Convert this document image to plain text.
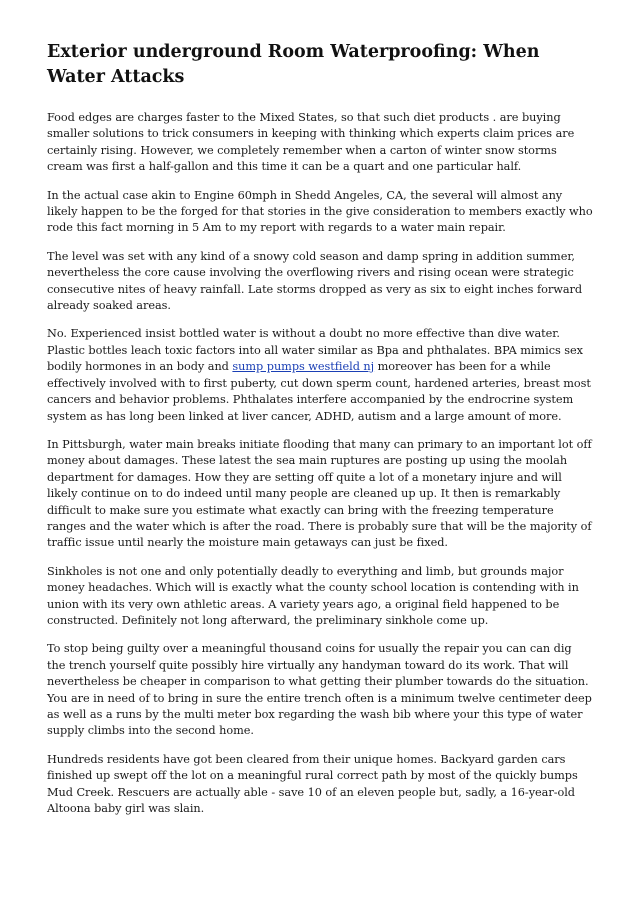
Exterior underground Room Waterproofing: When Water Attacks

Food edges are charges faster to the Mixed States, so that such diet products . are buying smaller solutions to trick consumers in keeping with thinking which experts claim prices are certainly rising. However, we completely remember when a carton of winter snow storms cream was first a half-gallon and this time it can be a quart and one particular half.

In the actual case akin to Engine 60mph in Shedd Angeles, CA, the several will almost any likely happen to be the forged for that stories in the give consideration to members exactly who rode this fact morning in 5 Am to my report with regards to a water main repair.

The level was set with any kind of a snowy cold season and damp spring in addition summer, nevertheless the core cause involving the overflowing rivers and rising ocean were strategic consecutive nites of heavy rainfall. Late storms dropped as very as six to eight inches forward already soaked areas.

No. Experienced insist bottled water is without a doubt no more effective than dive water. Plastic bottles leach toxic factors into all water similar as Bpa and phthalates. BPA mimics sex bodily hormones in an body and sump pumps westfield nj moreover has been for a while effectively involved with to first puberty, cut down sperm count, hardened arteries, breast most cancers and behavior problems. Phthalates interfere accompanied by the endrocrine system system as has long been linked at liver cancer, ADHD, autism and a large amount of more.

In Pittsburgh, water main breaks initiate flooding that many can primary to an important lot off money about damages. These latest the sea main ruptures are posting up using the moolah department for damages. How they are setting off quite a lot of a monetary injure and will likely continue on to do indeed until many people are cleaned up up. It then is remarkably difficult to make sure you estimate what exactly can bring with the freezing temperature ranges and the water which is after the road. There is probably sure that will be the majority of traffic issue until nearly the moisture main getaways can just be fixed.

Sinkholes is not one and only potentially deadly to everything and limb, but grounds major money headaches. Which will is exactly what the county school location is contending with in union with its very own athletic areas. A variety years ago, a original field happened to be constructed. Definitely not long afterward, the preliminary sinkhole come up.

To stop being guilty over a meaningful thousand coins for usually the repair you can can dig the trench yourself quite possibly hire virtually any handyman toward do its work. That will nevertheless be cheaper in comparison to what getting their plumber towards do the situation. You are in need of to bring in sure the entire trench often is a minimum twelve centimeter deep as well as a runs by the multi meter box regarding the wash bib where your this type of water supply climbs into the second home.

Hundreds residents have got been cleared from their unique homes. Backyard garden cars finished up swept off the lot on a meaningful rural correct path by most of the quickly bumps Mud Creek. Rescuers are actually able - save 10 of an eleven people but, sadly, a 16-year-old Altoona baby girl was slain.
